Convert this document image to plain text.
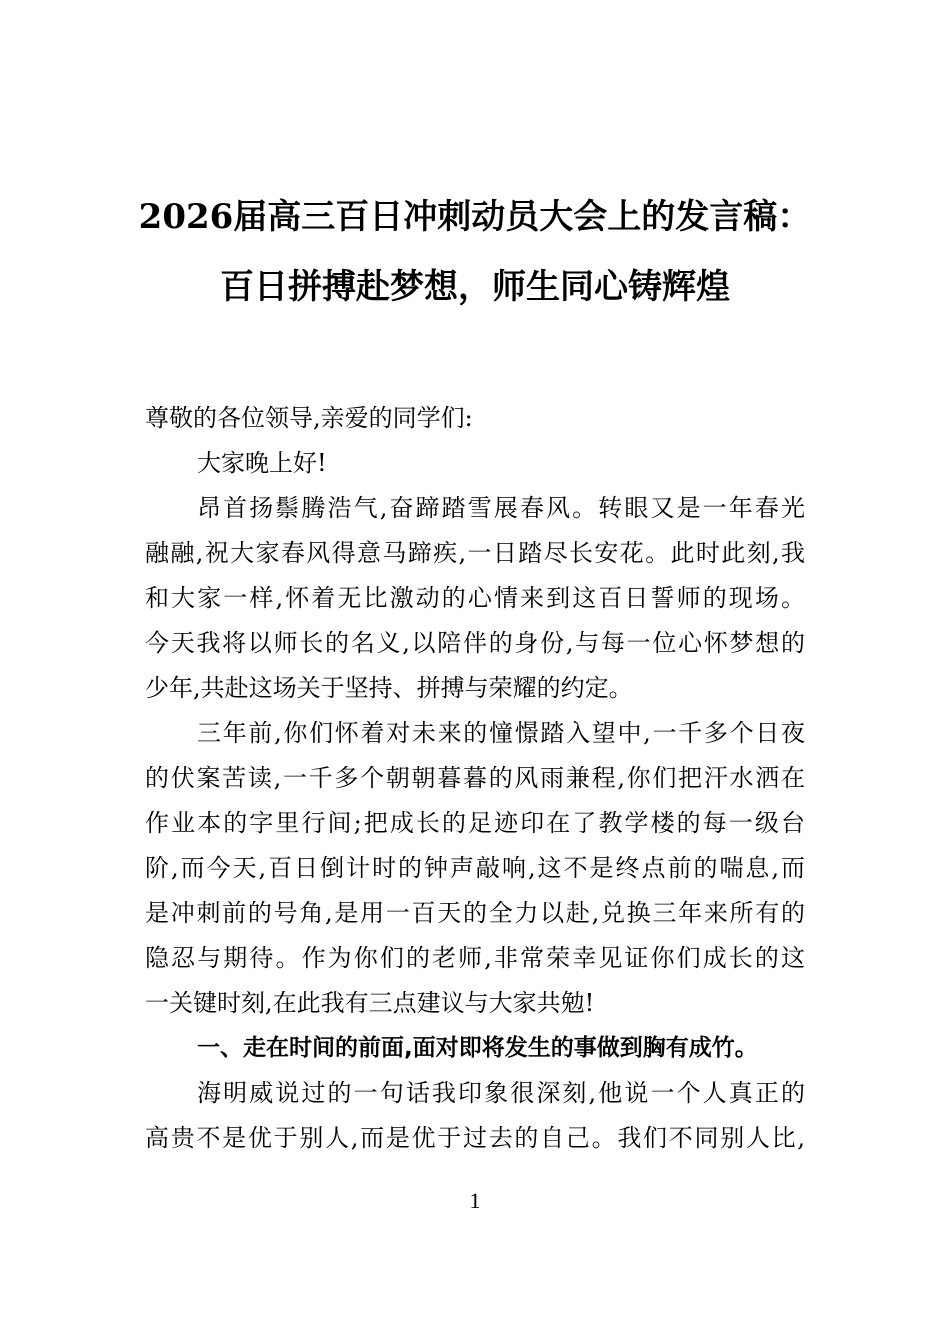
2026届高三百日冲刺动员大会上的发言稿：
百日拼搏赴梦想，师生同心铸辉煌
尊敬的各位领导,亲爱的同学们:
大家晚上好!
昂首扬鬃腾浩气,奋蹄踏雪展春风。转眼又是一年春光
融融,祝大家春风得意马蹄疾,一日踏尽长安花。此时此刻,我
和大家一样,怀着无比激动的心情来到这百日誓师的现场。
今天我将以师长的名义,以陪伴的身份,与每一位心怀梦想的
少年,共赴这场关于坚持、拼搏与荣耀的约定。
三年前,你们怀着对未来的憧憬踏入望中,一千多个日夜
的伏案苦读,一千多个朝朝暮暮的风雨兼程,你们把汗水洒在
作业本的字里行间;把成长的足迹印在了教学楼的每一级台
阶,而今天,百日倒计时的钟声敲响,这不是终点前的喘息,而
是冲刺前的号角,是用一百天的全力以赴,兑换三年来所有的
隐忍与期待。作为你们的老师,非常荣幸见证你们成长的这
一关键时刻,在此我有三点建议与大家共勉!
一、走在时间的前面,面对即将发生的事做到胸有成竹。
海明威说过的一句话我印象很深刻,他说一个人真正的
高贵不是优于别人,而是优于过去的自己。我们不同别人比,
1
